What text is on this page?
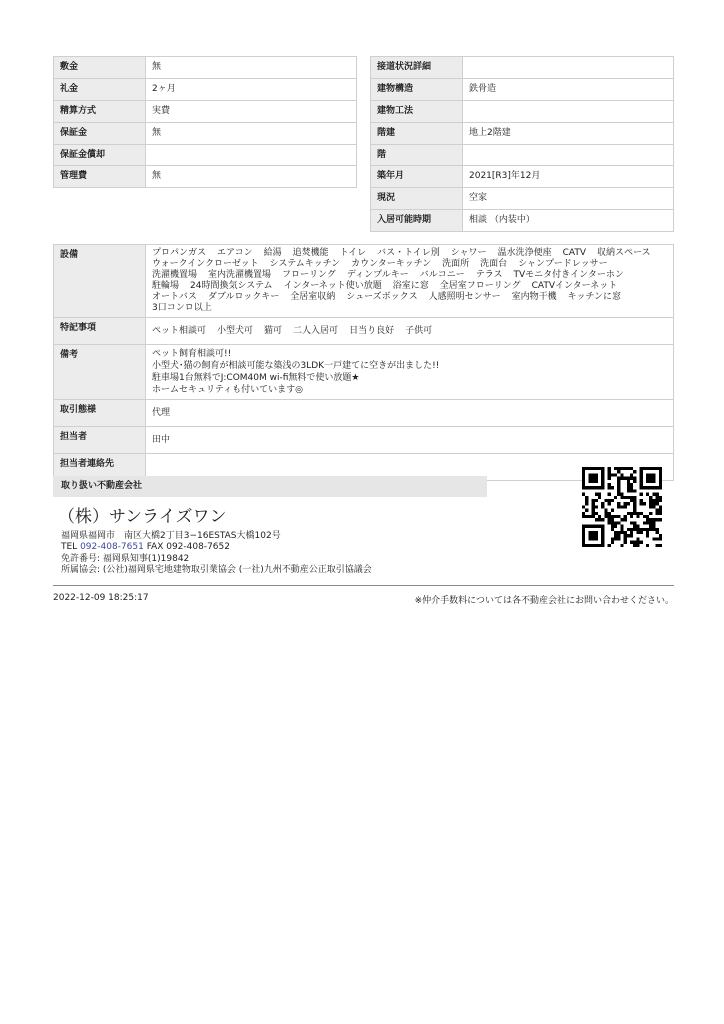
敷金	無
礼金	2ヶ月
精算方式	実費
保証金	無
保証金償却	
管理費	無
接道状況詳細	
建物構造	鉄骨造
建物工法	
階建	地上2階建
階	
築年月	2021[R3]年12月
現況	空家
入居可能時期	相談 （内装中）
設備	プロパンガス エアコン 給湯 追焚機能 トイレ バス・トイレ別 シャワー 温水洗浄便座 CATV 収納スペースウォークインクローゼット システムキッチン カウンターキッチン 洗面所 洗面台 シャンプードレッサー洗濯機置場 室内洗濯機置場 フローリング ディンプルキー バルコニー テラス TVモニタ付きインターホン駐輪場 24時間換気システム インターネット使い放題 浴室に窓 全居室フローリング CATVインターネットオートバス ダブルロックキー 全居室収納 シューズボックス 人感照明センサー 室内物干機 キッチンに窓3口コンロ以上
特記事項	ペット相談可 小型犬可 猫可 二人入居可 日当り良好 子供可
備考	ペット飼育相談可!!
小型犬･猫の飼育が相談可能な築浅の3LDK一戸建てに空きが出ました!!
駐車場1台無料でJ:COM40M wi-fi無料で使い放題★
ホームセキュリティも付いています◎

取引態様	代理
担当者	田中
担当者連絡先	
取り扱い不動産会社
（株）サンライズワン
福岡県福岡市　南区大橋2丁目3−16ESTAS大橋102号
TEL 092-408-7651 FAX 092-408-7652
免許番号: 福岡県知事(1)19842
所属協会: (公社)福岡県宅地建物取引業協会 (一社)九州不動産公正取引協議会
2022-12-09 18:25:17	※仲介手数料については各不動産会社にお問い合わせください。
